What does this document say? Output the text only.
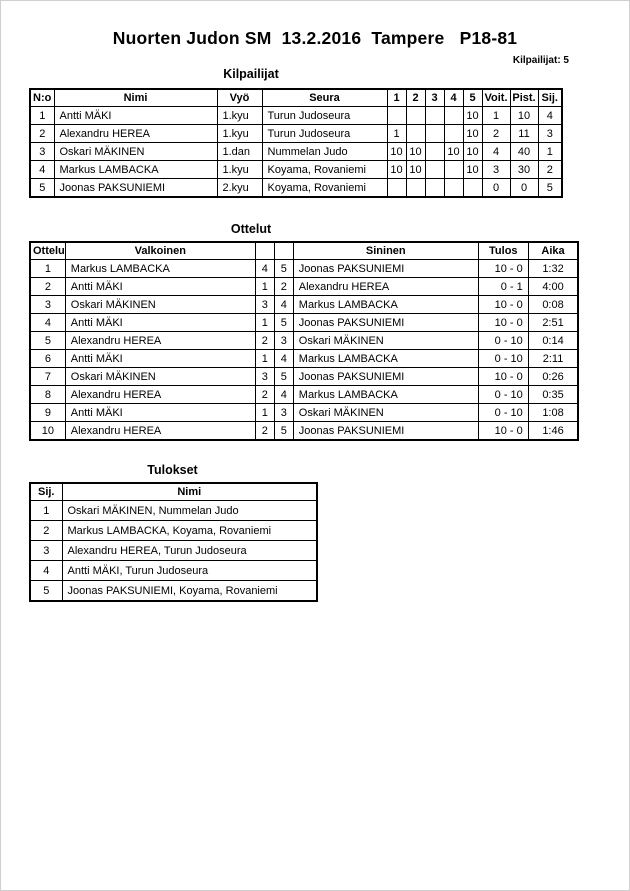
Nuorten Judon SM  13.2.2016  Tampere   P18-81
Kilpailijat: 5
Kilpailijat
N:o	Nimi	Vyö	Seura	1	2	3	4	5	Voit.	Pist.	Sij.
1	Antti MÄKI	1.kyu	Turun Judoseura					10	1	10	4
2	Alexandru HEREA	1.kyu	Turun Judoseura	1				10	2	11	3
3	Oskari MÄKINEN	1.dan	Nummelan Judo	10	10		10	10	4	40	1
4	Markus LAMBACKA	1.kyu	Koyama, Rovaniemi	10	10			10	3	30	2
5	Joonas PAKSUNIEMI	2.kyu	Koyama, Rovaniemi						0	0	5
Ottelut
Ottelu	Valkoinen			Sininen	Tulos	Aika
1	Markus LAMBACKA	4	5	Joonas PAKSUNIEMI	10 - 0	1:32
2	Antti MÄKI	1	2	Alexandru HEREA	0 - 1	4:00
3	Oskari MÄKINEN	3	4	Markus LAMBACKA	10 - 0	0:08
4	Antti MÄKI	1	5	Joonas PAKSUNIEMI	10 - 0	2:51
5	Alexandru HEREA	2	3	Oskari MÄKINEN	0 - 10	0:14
6	Antti MÄKI	1	4	Markus LAMBACKA	0 - 10	2:11
7	Oskari MÄKINEN	3	5	Joonas PAKSUNIEMI	10 - 0	0:26
8	Alexandru HEREA	2	4	Markus LAMBACKA	0 - 10	0:35
9	Antti MÄKI	1	3	Oskari MÄKINEN	0 - 10	1:08
10	Alexandru HEREA	2	5	Joonas PAKSUNIEMI	10 - 0	1:46
Tulokset
Sij.	Nimi
1	Oskari MÄKINEN, Nummelan Judo
2	Markus LAMBACKA, Koyama, Rovaniemi
3	Alexandru HEREA, Turun Judoseura
4	Antti MÄKI, Turun Judoseura
5	Joonas PAKSUNIEMI, Koyama, Rovaniemi
